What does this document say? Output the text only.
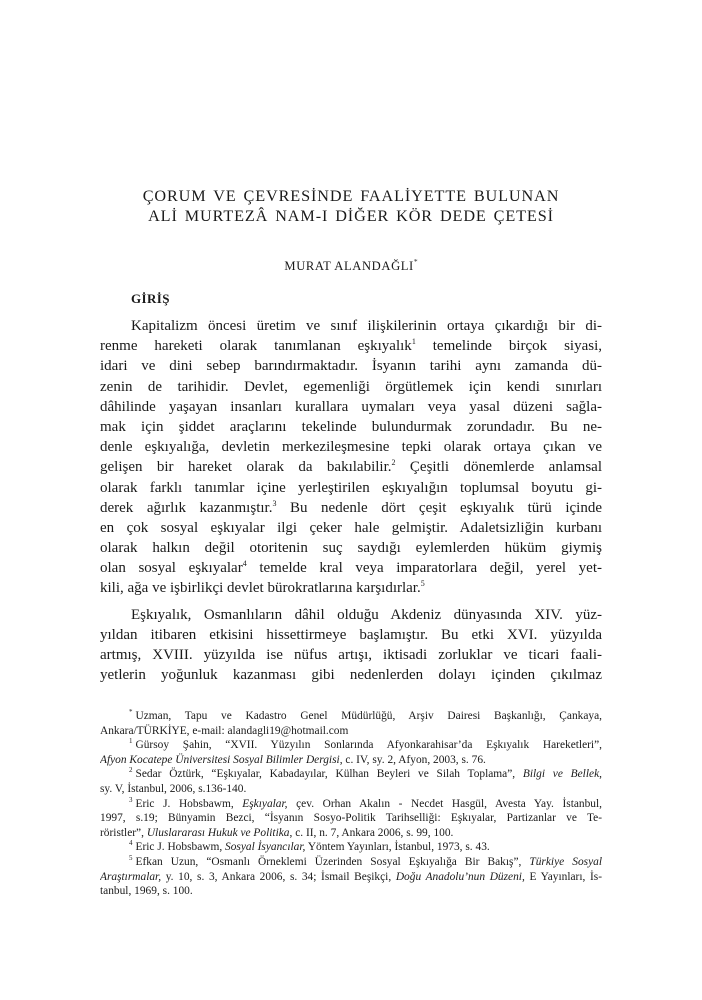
ÇORUM VE ÇEVRESİNDE FAALİYETTE BULUNAN
ALİ MURTEZÂ NAM-I DİĞER KÖR DEDE ÇETESİ
MURAT ALANDAĞLI*
GİRİŞ
Kapitalizm öncesi üretim ve sınıf ilişkilerinin ortaya çıkardığı bir di-
renme hareketi olarak tanımlanan eşkıyalık$^1$ temelinde birçok siyasi,
idari ve dini sebep barındırmaktadır. İsyanın tarihi aynı zamanda dü-
zenin de tarihidir. Devlet, egemenliği örgütlemek için kendi sınırları
dâhilinde yaşayan insanları kurallara uymaları veya yasal düzeni sağla-
mak için şiddet araçlarını tekelinde bulundurmak zorundadır. Bu ne-
denle eşkıyalığa, devletin merkezileşmesine tepki olarak ortaya çıkan ve
gelişen bir hareket olarak da bakılabilir.$^2$ Çeşitli dönemlerde anlamsal
olarak farklı tanımlar içine yerleştirilen eşkıyalığın toplumsal boyutu gi-
derek ağırlık kazanmıştır.$^3$ Bu nedenle dört çeşit eşkıyalık türü içinde
en çok sosyal eşkıyalar ilgi çeker hale gelmiştir. Adaletsizliğin kurbanı
olarak halkın değil otoritenin suç saydığı eylemlerden hüküm giymiş
olan sosyal eşkıyalar$^4$ temelde kral veya imparatorlara değil, yerel yet-
kili, ağa ve işbirlikçi devlet bürokratlarına karşıdırlar.$^5$
Eşkıyalık, Osmanlıların dâhil olduğu Akdeniz dünyasında XIV. yüz-
yıldan itibaren etkisini hissettirmeye başlamıştır. Bu etki XVI. yüzyılda
artmış, XVIII. yüzyılda ise nüfus artışı, iktisadi zorluklar ve ticari faali-
yetlerin yoğunluk kazanması gibi nedenlerden dolayı içinden çıkılmaz
* Uzman, Tapu ve Kadastro Genel Müdürlüğü, Arşiv Dairesi Başkanlığı, Çankaya,
Ankara/TÜRKİYE, e-mail: alandagli19@hotmail.com
$^1$ Gürsoy Şahin, “XVII. Yüzyılın Sonlarında Afyonkarahisar’da Eşkıyalık Hareketleri”,
Afyon Kocatepe Üniversitesi Sosyal Bilimler Dergisi, c. IV, sy. 2, Afyon, 2003, s. 76.
$^2$ Sedar Öztürk, “Eşkıyalar, Kabadayılar, Külhan Beyleri ve Silah Toplama”, Bilgi ve Bellek,
sy. V, İstanbul, 2006, s.136-140.
$^3$ Eric J. Hobsbawm, Eşkıyalar, çev. Orhan Akalın - Necdet Hasgül, Avesta Yay. İstanbul,
1997, s.19; Bünyamin Bezci, “İsyanın Sosyo-Politik Tarihselliği: Eşkıyalar, Partizanlar ve Te-
röristler”, Uluslararası Hukuk ve Politika, c. II, n. 7, Ankara 2006, s. 99, 100.
$^4$ Eric J. Hobsbawm, Sosyal İsyancılar, Yöntem Yayınları, İstanbul, 1973, s. 43.
$^5$ Efkan Uzun, “Osmanlı Örneklemi Üzerinden Sosyal Eşkıyalığa Bir Bakış”, Türkiye Sosyal
Araştırmalar, y. 10, s. 3, Ankara 2006, s. 34; İsmail Beşikçi, Doğu Anadolu’nun Düzeni, E Yayınları, İs-
tanbul, 1969, s. 100.
